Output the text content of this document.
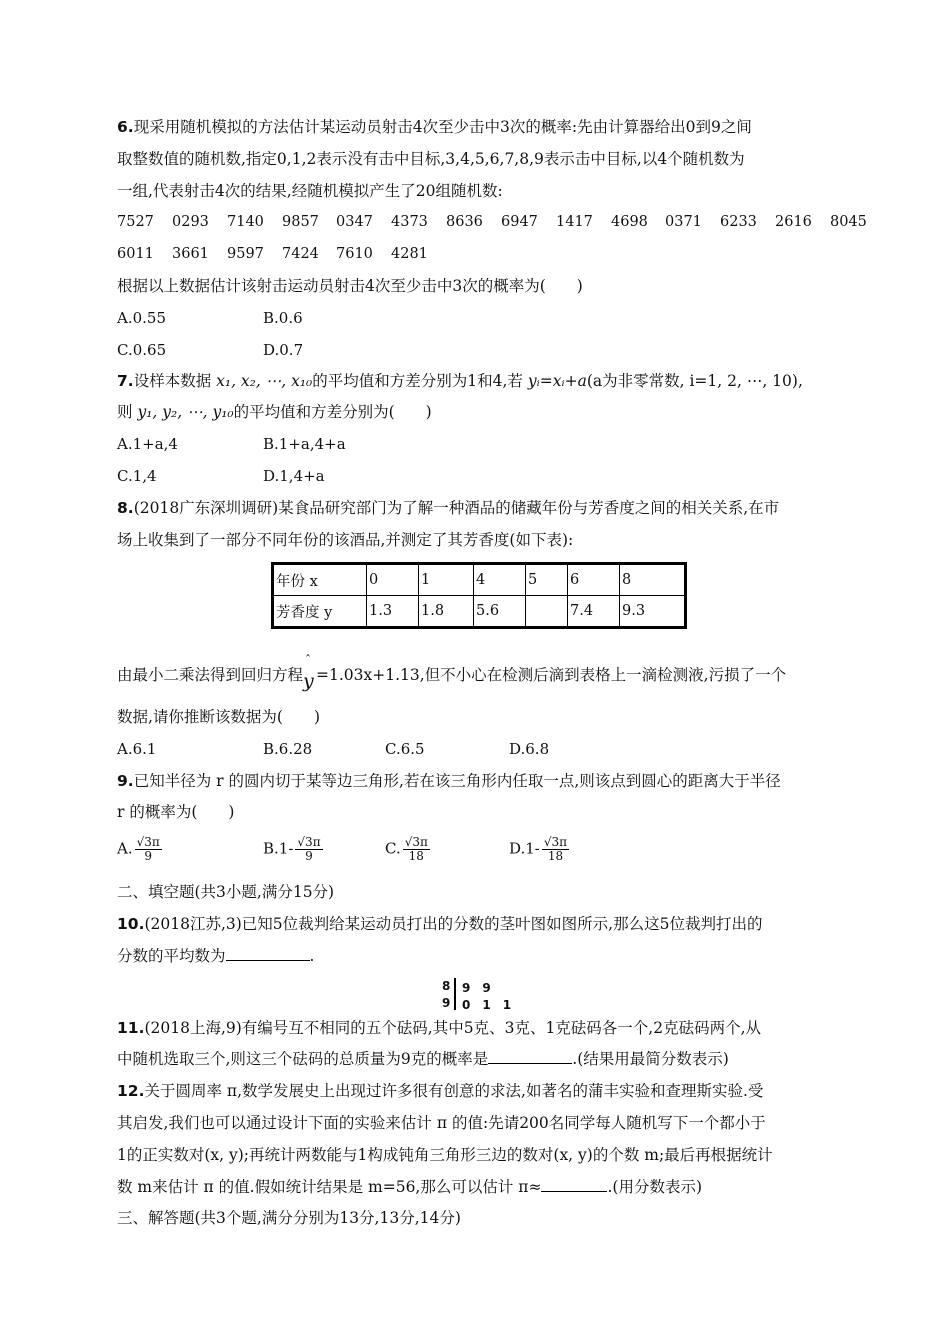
6.现采用随机模拟的方法估计某运动员射击4次至少击中3次的概率:先由计算器给出0到9之间
取整数值的随机数,指定0,1,2表示没有击中目标,3,4,5,6,7,8,9表示击中目标,以4个随机数为
一组,代表射击4次的结果,经随机模拟产生了20组随机数:
7527 0293 7140 9857 0347 4373 8636 6947 1417 4698 0371 6233 2616 8045
6011 3661 9597 7424 7610 4281
根据以上数据估计该射击运动员射击4次至少击中3次的概率为(　　)
A.0.55	B.0.6
C.0.65	D.0.7
7.设样本数据 x₁, x₂, ⋯, x₁₀的平均值和方差分别为1和4,若 yᵢ=xᵢ+a(a为非零常数, i=1, 2, ⋯, 10),
则 y₁, y₂, ⋯, y₁₀的平均值和方差分别为(　　)
A.1+a,4	B.1+a,4+a
C.1,4	D.1,4+a
8.(2018广东深圳调研)某食品研究部门为了解一种酒品的储藏年份与芳香度之间的相关关系,在市
场上收集到了一部分不同年份的该酒品,并测定了其芳香度(如下表):
年份 x	0	1	4	5	6	8
芳香度 y	1.3	1.8	5.6		7.4	9.3
由最小二乘法得到回归方程
ˆ
y =1.03x+1.13,但不小心在检测后滴到表格上一滴检测液,污损了一个
数据,请你推断该数据为(　　)
A.6.1	B.6.28	C.6.5	D.6.8
9.已知半径为 r 的圆内切于某等边三角形,若在该三角形内任取一点,则该点到圆心的距离大于半径
r 的概率为(　　)
A. $\frac{√3\pi}{9}$	$B.1- \frac{√3\pi}{9}$	C. $\frac{√3\pi}{18}$	$D.1- \frac{√3\pi}{18}$
二、填空题(共3小题,满分15分)
10.(2018江苏,3)已知5位裁判给某运动员打出的分数的茎叶图如图所示,那么这5位裁判打出的
分数的平均数为	.
8 9　9
9 0　1　1
11.(2018上海,9)有编号互不相同的五个砝码,其中5克、3克、1克砝码各一个,2克砝码两个,从
中随机选取三个,则这三个砝码的总质量为9克的概率是	.(结果用最简分数表示)
12.关于圆周率 π,数学发展史上出现过许多很有创意的求法,如著名的蒲丰实验和查理斯实验.受
其启发,我们也可以通过设计下面的实验来估计 π 的值:先请200名同学每人随机写下一个都小于
1的正实数对(x, y);再统计两数能与1构成钝角三角形三边的数对(x, y)的个数 m;最后再根据统计
数 m来估计 π 的值.假如统计结果是 m=56,那么可以估计 π≈	.(用分数表示)
三、解答题(共3个题,满分分别为13分,13分,14分)
